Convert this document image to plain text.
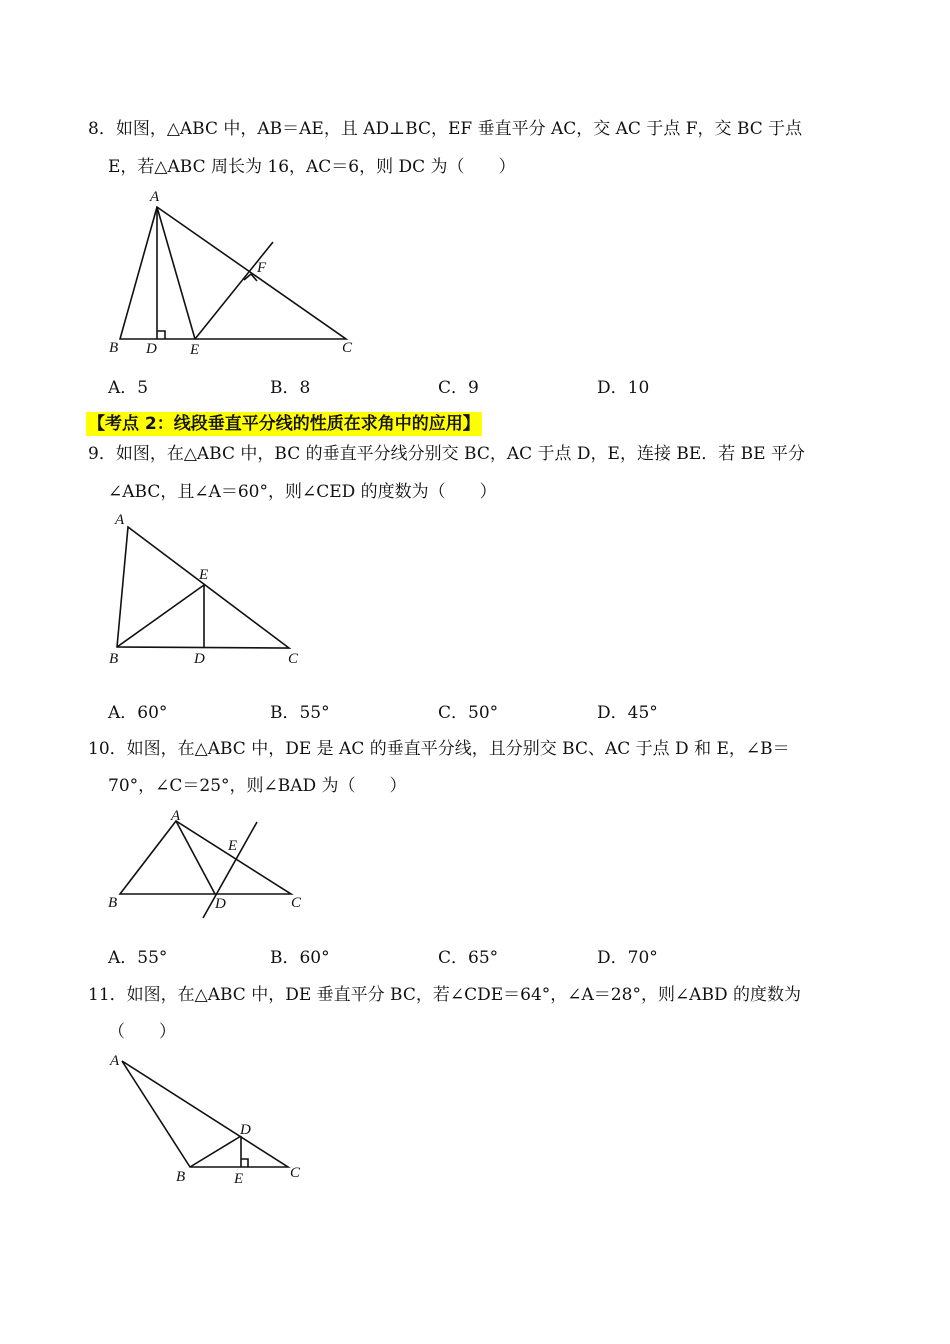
8．如图，△ABC 中，AB＝AE，且 AD⊥BC，EF 垂直平分 AC，交 AC 于点 F，交 BC 于点
E，若△ABC 周长为 16，AC＝6，则 DC 为（　　）
A
B D E	C
F
A．5	B．8	C．9	D．10
【考点 2：线段垂直平分线的性质在求角中的应用】
9．如图，在△ABC 中，BC 的垂直平分线分别交 BC，AC 于点 D，E，连接 BE．若 BE 平分
∠ABC，且∠A＝60°，则∠CED 的度数为（　　）
A
E
B	D	C
A．60°	B．55°	C．50°	D．45°
10．如图，在△ABC 中，DE 是 AC 的垂直平分线，且分别交 BC、AC 于点 D 和 E，∠B＝
70°，∠C＝25°，则∠BAD 为（　　）
A
E
B	D	C
A．55°	B．60°	C．65°	D．70°
11．如图，在△ABC 中，DE 垂直平分 BC，若∠CDE＝64°，∠A＝28°，则∠ABD 的度数为
（　　）
A
D
B	E	C
